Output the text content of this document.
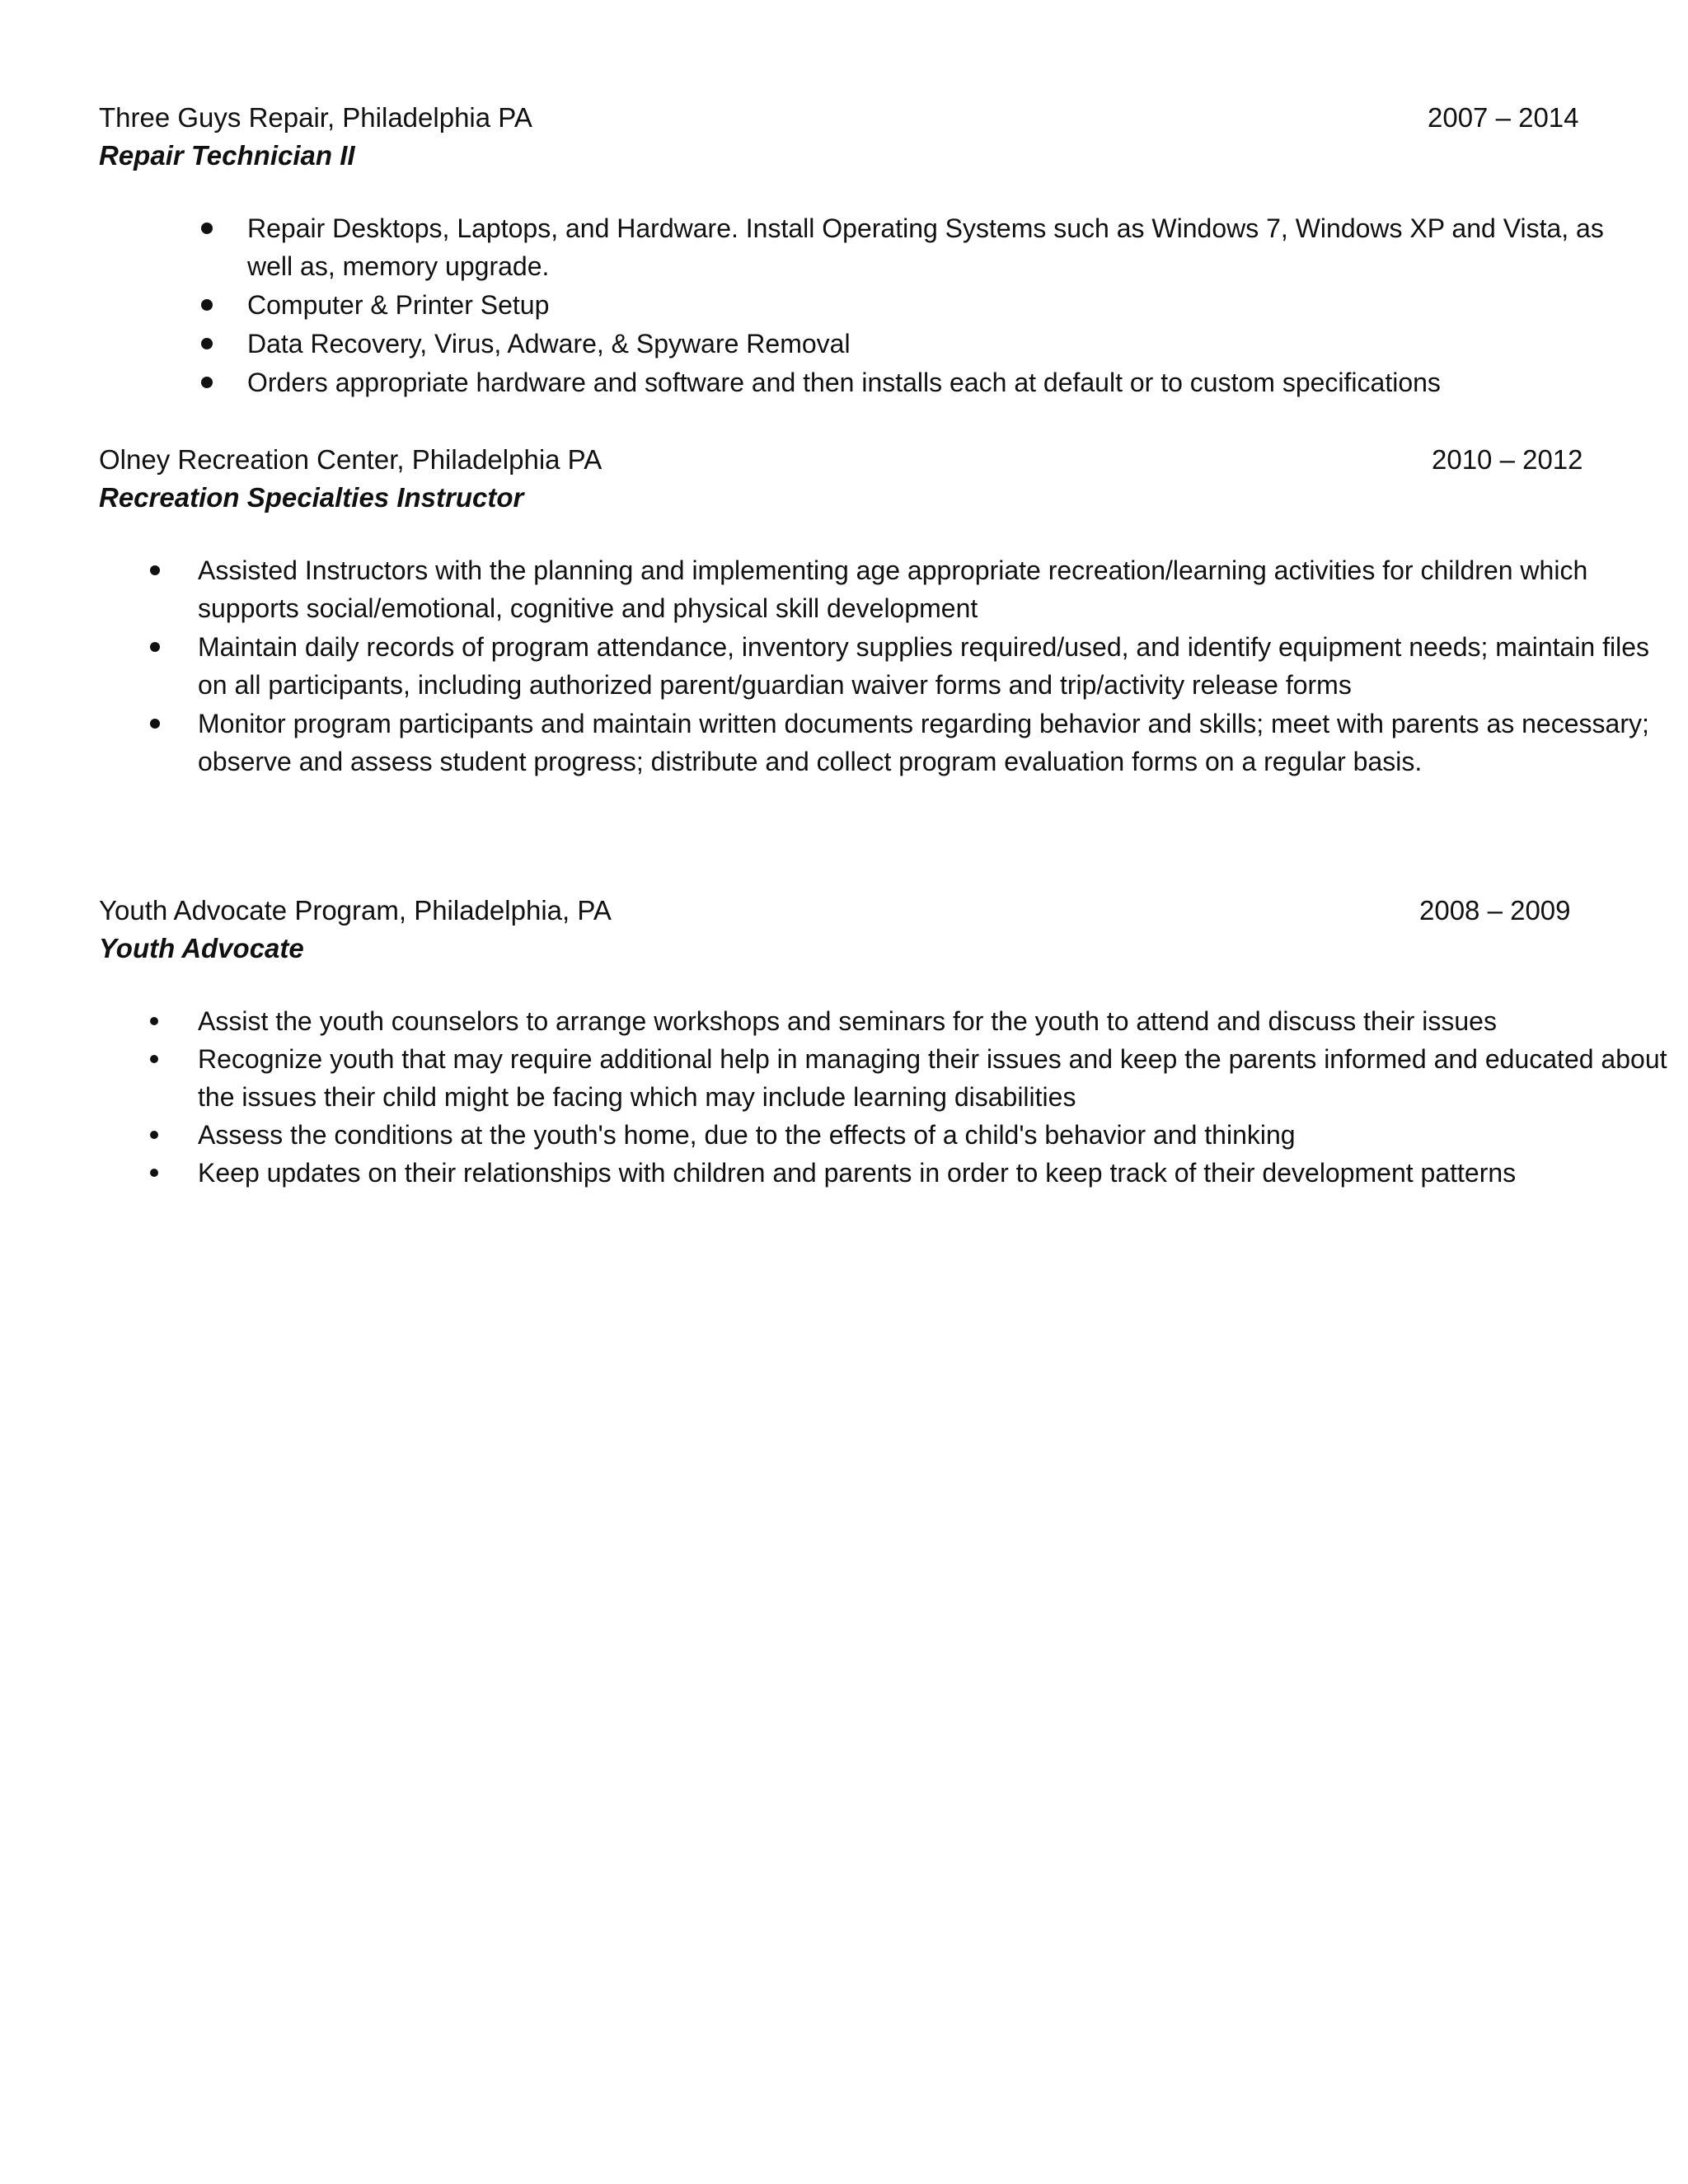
Three Guys Repair, Philadelphia PA	2007 – 2014
Repair Technician II
Repair Desktops, Laptops, and Hardware. Install Operating Systems such as Windows 7, Windows XP and Vista, as well as, memory upgrade.
Computer & Printer Setup
Data Recovery, Virus, Adware, & Spyware Removal
Orders appropriate hardware and software and then installs each at default or to custom specifications
Olney Recreation Center, Philadelphia PA	2010 – 2012
Recreation Specialties Instructor
Assisted Instructors with the planning and implementing age appropriate recreation/learning activities for children which supports social/emotional, cognitive and physical skill development
Maintain daily records of program attendance, inventory supplies required/used, and identify equipment needs; maintain files on all participants, including authorized parent/guardian waiver forms and trip/activity release forms
Monitor program participants and maintain written documents regarding behavior and skills; meet with parents as necessary; observe and assess student progress; distribute and collect program evaluation forms on a regular basis.
Youth Advocate Program, Philadelphia, PA	2008 – 2009
Youth Advocate
Assist the youth counselors to arrange workshops and seminars for the youth to attend and discuss their issues
Recognize youth that may require additional help in managing their issues and keep the parents informed and educated about the issues their child might be facing which may include learning disabilities
Assess the conditions at the youth's home, due to the effects of a child's behavior and thinking
Keep updates on their relationships with children and parents in order to keep track of their development patterns
